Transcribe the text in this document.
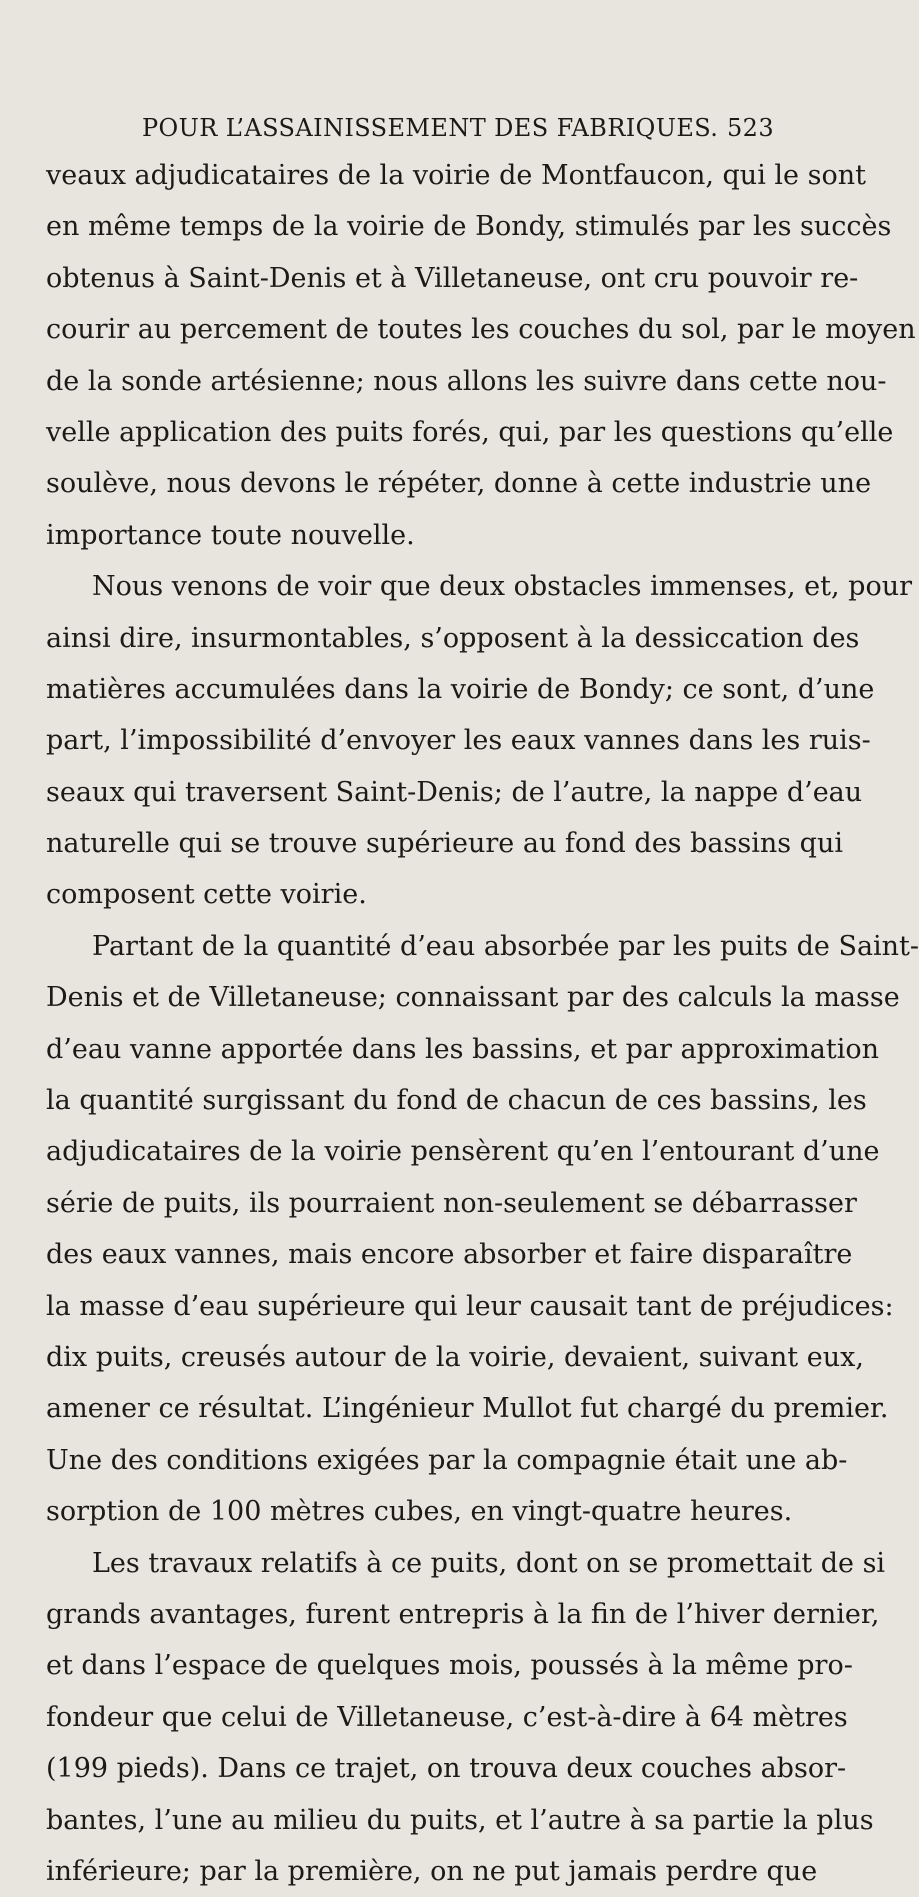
POUR L’ASSAINISSEMENT DES FABRIQUES. 523
veaux adjudicataires de la voirie de Montfaucon, qui le sont
en même temps de la voirie de Bondy, stimulés par les succès
obtenus à Saint-Denis et à Villetaneuse, ont cru pouvoir re-
courir au percement de toutes les couches du sol, par le moyen
de la sonde artésienne; nous allons les suivre dans cette nou-
velle application des puits forés, qui, par les questions qu’elle
soulève, nous devons le répéter, donne à cette industrie une
importance toute nouvelle.
Nous venons de voir que deux obstacles immenses, et, pour
ainsi dire, insurmontables, s’opposent à la dessiccation des
matières accumulées dans la voirie de Bondy; ce sont, d’une
part, l’impossibilité d’envoyer les eaux vannes dans les ruis-
seaux qui traversent Saint-Denis; de l’autre, la nappe d’eau
naturelle qui se trouve supérieure au fond des bassins qui
composent cette voirie.
Partant de la quantité d’eau absorbée par les puits de Saint-
Denis et de Villetaneuse; connaissant par des calculs la masse
d’eau vanne apportée dans les bassins, et par approximation
la quantité surgissant du fond de chacun de ces bassins, les
adjudicataires de la voirie pensèrent qu’en l’entourant d’une
série de puits, ils pourraient non-seulement se débarrasser
des eaux vannes, mais encore absorber et faire disparaître
la masse d’eau supérieure qui leur causait tant de préjudices:
dix puits, creusés autour de la voirie, devaient, suivant eux,
amener ce résultat. L’ingénieur Mullot fut chargé du premier.
Une des conditions exigées par la compagnie était une ab-
sorption de 100 mètres cubes, en vingt-quatre heures.
Les travaux relatifs à ce puits, dont on se promettait de si
grands avantages, furent entrepris à la fin de l’hiver dernier,
et dans l’espace de quelques mois, poussés à la même pro-
fondeur que celui de Villetaneuse, c’est-à-dire à 64 mètres
(199 pieds). Dans ce trajet, on trouva deux couches absor-
bantes, l’une au milieu du puits, et l’autre à sa partie la plus
inférieure; par la première, on ne put jamais perdre que
